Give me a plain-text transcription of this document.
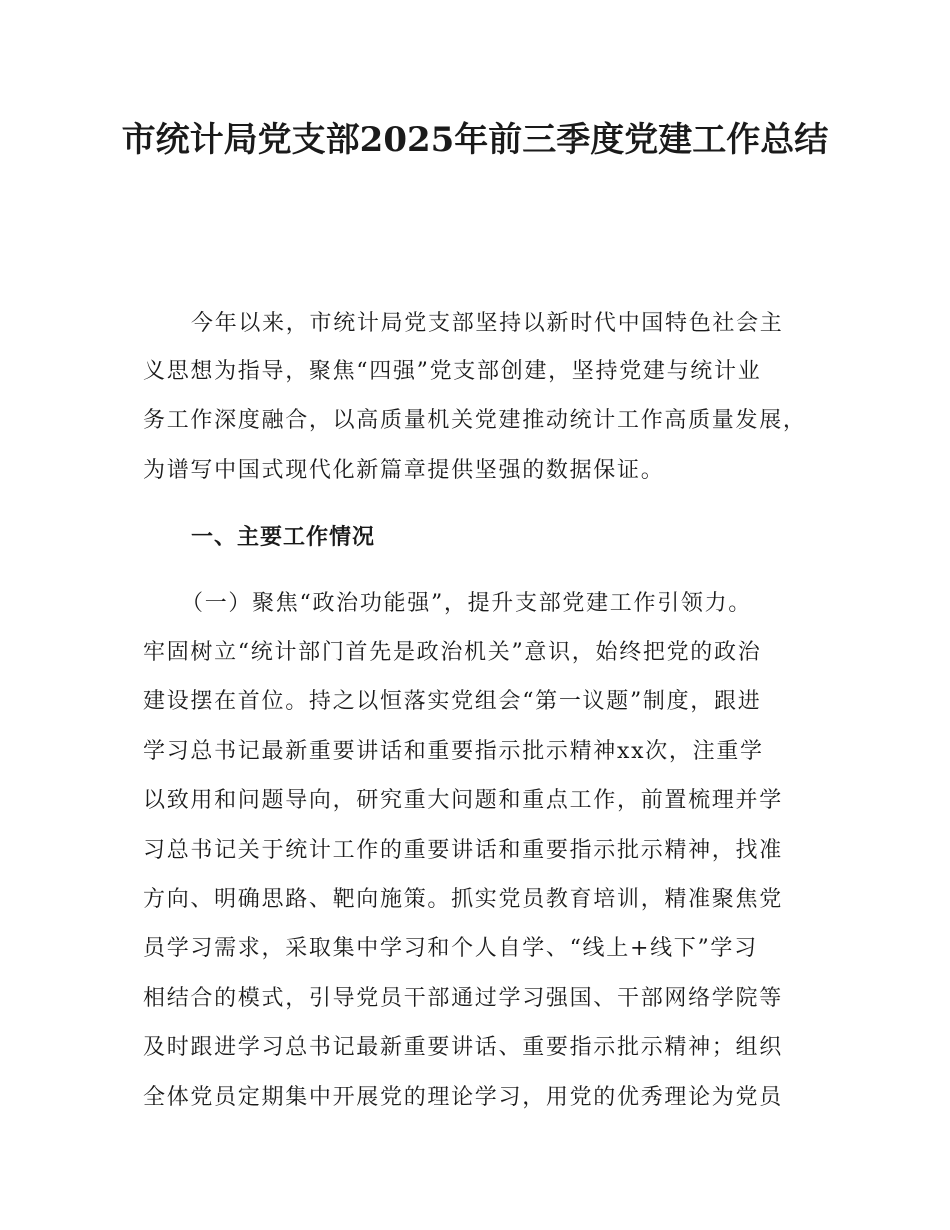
市统计局党支部2025年前三季度党建工作总结

今年以来，市统计局党支部坚持以新时代中国特色社会主

义思想为指导，聚焦“四强”党支部创建，坚持党建与统计业

务工作深度融合，以高质量机关党建推动统计工作高质量发展，

为谱写中国式现代化新篇章提供坚强的数据保证。

一、主要工作情况

（一）聚焦“政治功能强”，提升支部党建工作引领力。

牢固树立“统计部门首先是政治机关”意识，始终把党的政治

建设摆在首位。持之以恒落实党组会“第一议题”制度，跟进

学习总书记最新重要讲话和重要指示批示精神xx次，注重学

以致用和问题导向，研究重大问题和重点工作，前置梳理并学

习总书记关于统计工作的重要讲话和重要指示批示精神，找准

方向、明确思路、靶向施策。抓实党员教育培训，精准聚焦党

员学习需求，采取集中学习和个人自学、“线上+线下”学习

相结合的模式，引导党员干部通过学习强国、干部网络学院等

及时跟进学习总书记最新重要讲话、重要指示批示精神；组织

全体党员定期集中开展党的理论学习，用党的优秀理论为党员
